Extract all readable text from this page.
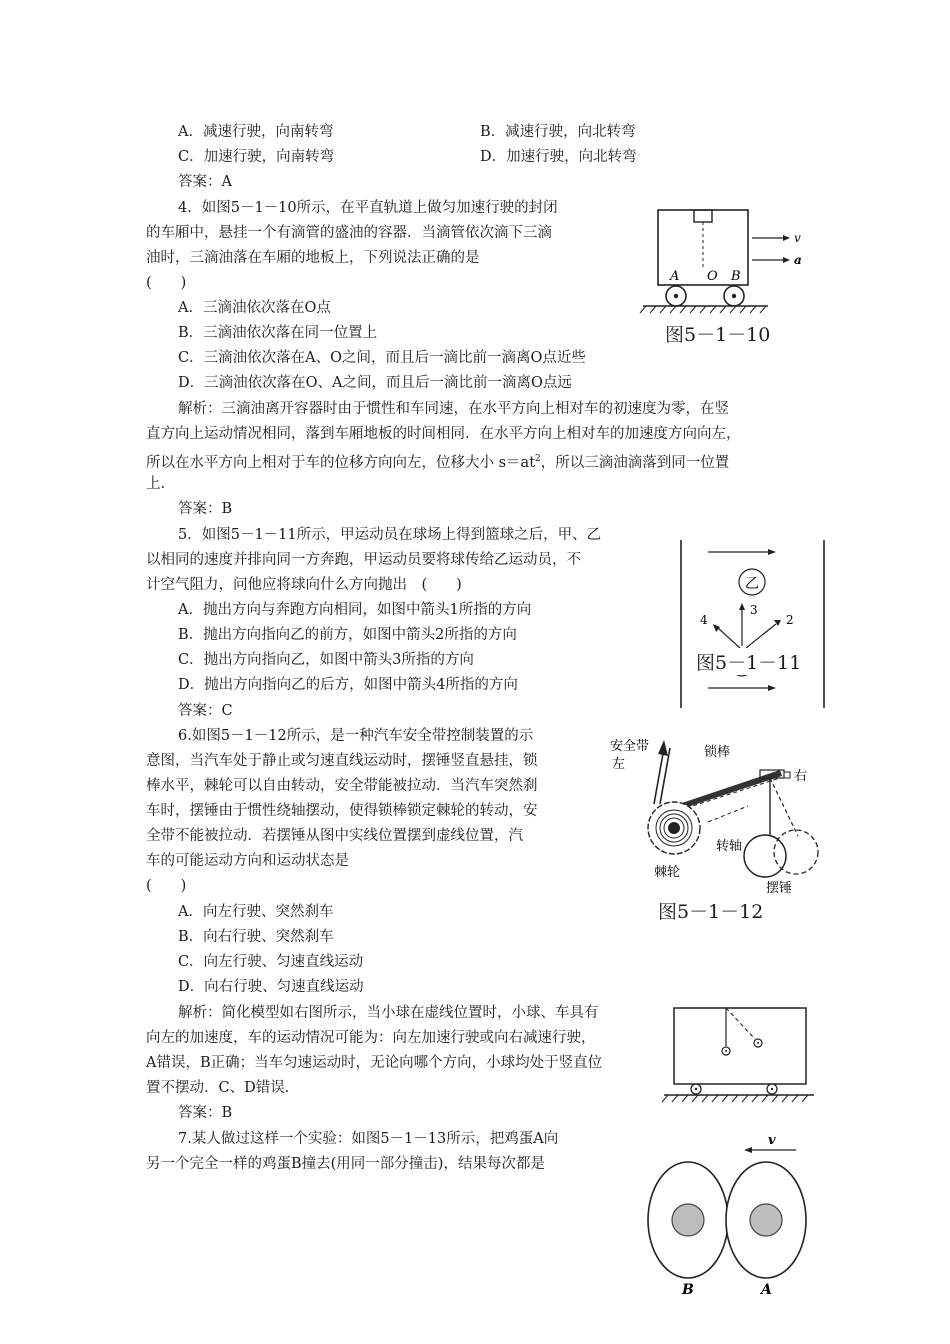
A．减速行驶，向南转弯	B．减速行驶，向北转弯
C．加速行驶，向南转弯	D．加速行驶，向北转弯
答案：A
4．如图5－1－10所示，在平直轨道上做匀加速行驶的封闭
的车厢中，悬挂一个有滴管的盛油的容器．当滴管依次滴下三滴
油时，三滴油落在车厢的地板上，下列说法正确的是
(　　)
A．三滴油依次落在O点
B．三滴油依次落在同一位置上
C．三滴油依次落在A、O之间，而且后一滴比前一滴离O点近些
D．三滴油依次落在O、A之间，而且后一滴比前一滴离O点远
解析：三滴油离开容器时由于惯性和车同速，在水平方向上相对车的初速度为零，在竖
直方向上运动情况相同，落到车厢地板的时间相同．在水平方向上相对车的加速度方向向左，
所以在水平方向上相对于车的位移方向向左，位移大小 $s=at^2$，所以三滴油滴落到同一位置
上．
答案：B
v
a
A O B
图5－1－10
5．如图5－1－11所示，甲运动员在球场上得到篮球之后，甲、乙
以相同的速度并排向同一方奔跑，甲运动员要将球传给乙运动员，不
计空气阻力，问他应将球向什么方向抛出　(　　)
A．抛出方向与奔跑方向相同，如图中箭头1所指的方向
B．抛出方向指向乙的前方，如图中箭头2所指的方向
C．抛出方向指向乙，如图中箭头3所指的方向
D．抛出方向指向乙的后方，如图中箭头4所指的方向
答案：C
乙
3
4	2
图5－1－11
6.如图5－1－12所示，是一种汽车安全带控制装置的示
意图，当汽车处于静止或匀速直线运动时，摆锤竖直悬挂，锁
棒水平，棘轮可以自由转动，安全带能被拉动．当汽车突然刹
车时，摆锤由于惯性绕轴摆动，使得锁棒锁定棘轮的转动，安
全带不能被拉动．若摆锤从图中实线位置摆到虚线位置，汽
车的可能运动方向和运动状态是
(　　)
A．向左行驶、突然刹车
B．向右行驶、突然刹车
C．向左行驶、匀速直线运动
D．向右行驶、匀速直线运动
解析：简化模型如右图所示，当小球在虚线位置时，小球、车具有
向左的加速度，车的运动情况可能为：向左加速行驶或向右减速行驶，
A错误，B正确；当车匀速运动时，无论向哪个方向，小球均处于竖直位
置不摆动．C、D错误．
答案：B
安全带
左
锁棒
右
转轴
棘轮
摆锤
图5－1－12
7.某人做过这样一个实验：如图5－1－13所示，把鸡蛋A向
另一个完全一样的鸡蛋B撞去(用同一部分撞击)，结果每次都是
v
B	A
